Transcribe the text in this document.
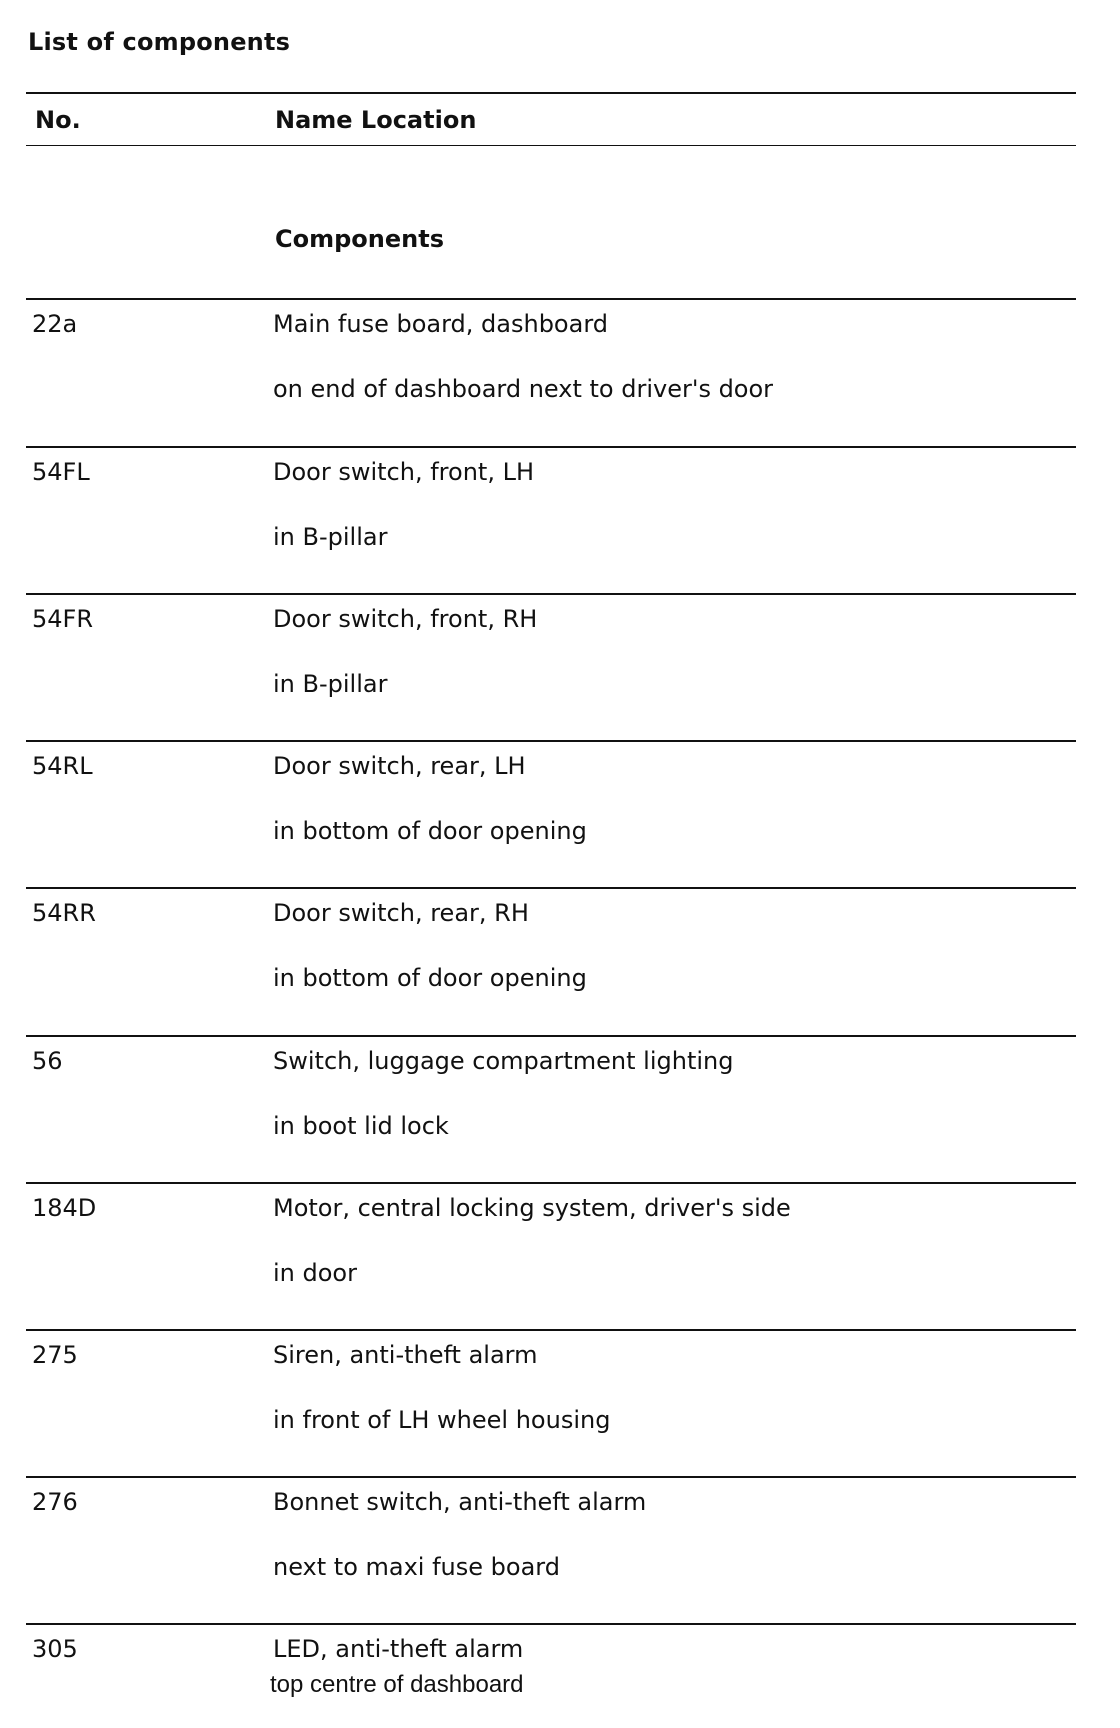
List of components
No.	Name Location
Components
22a	Main fuse board, dashboard
on end of dashboard next to driver's door
54FL	Door switch, front, LH
in B-pillar
54FR	Door switch, front, RH
in B-pillar
54RL	Door switch, rear, LH
in bottom of door opening
54RR	Door switch, rear, RH
in bottom of door opening
56	Switch, luggage compartment lighting
in boot lid lock
184D	Motor, central locking system, driver's side
in door
275	Siren, anti-theft alarm
in front of LH wheel housing
276	Bonnet switch, anti-theft alarm
next to maxi fuse board
305	LED, anti-theft alarm
top centre of dashboard
